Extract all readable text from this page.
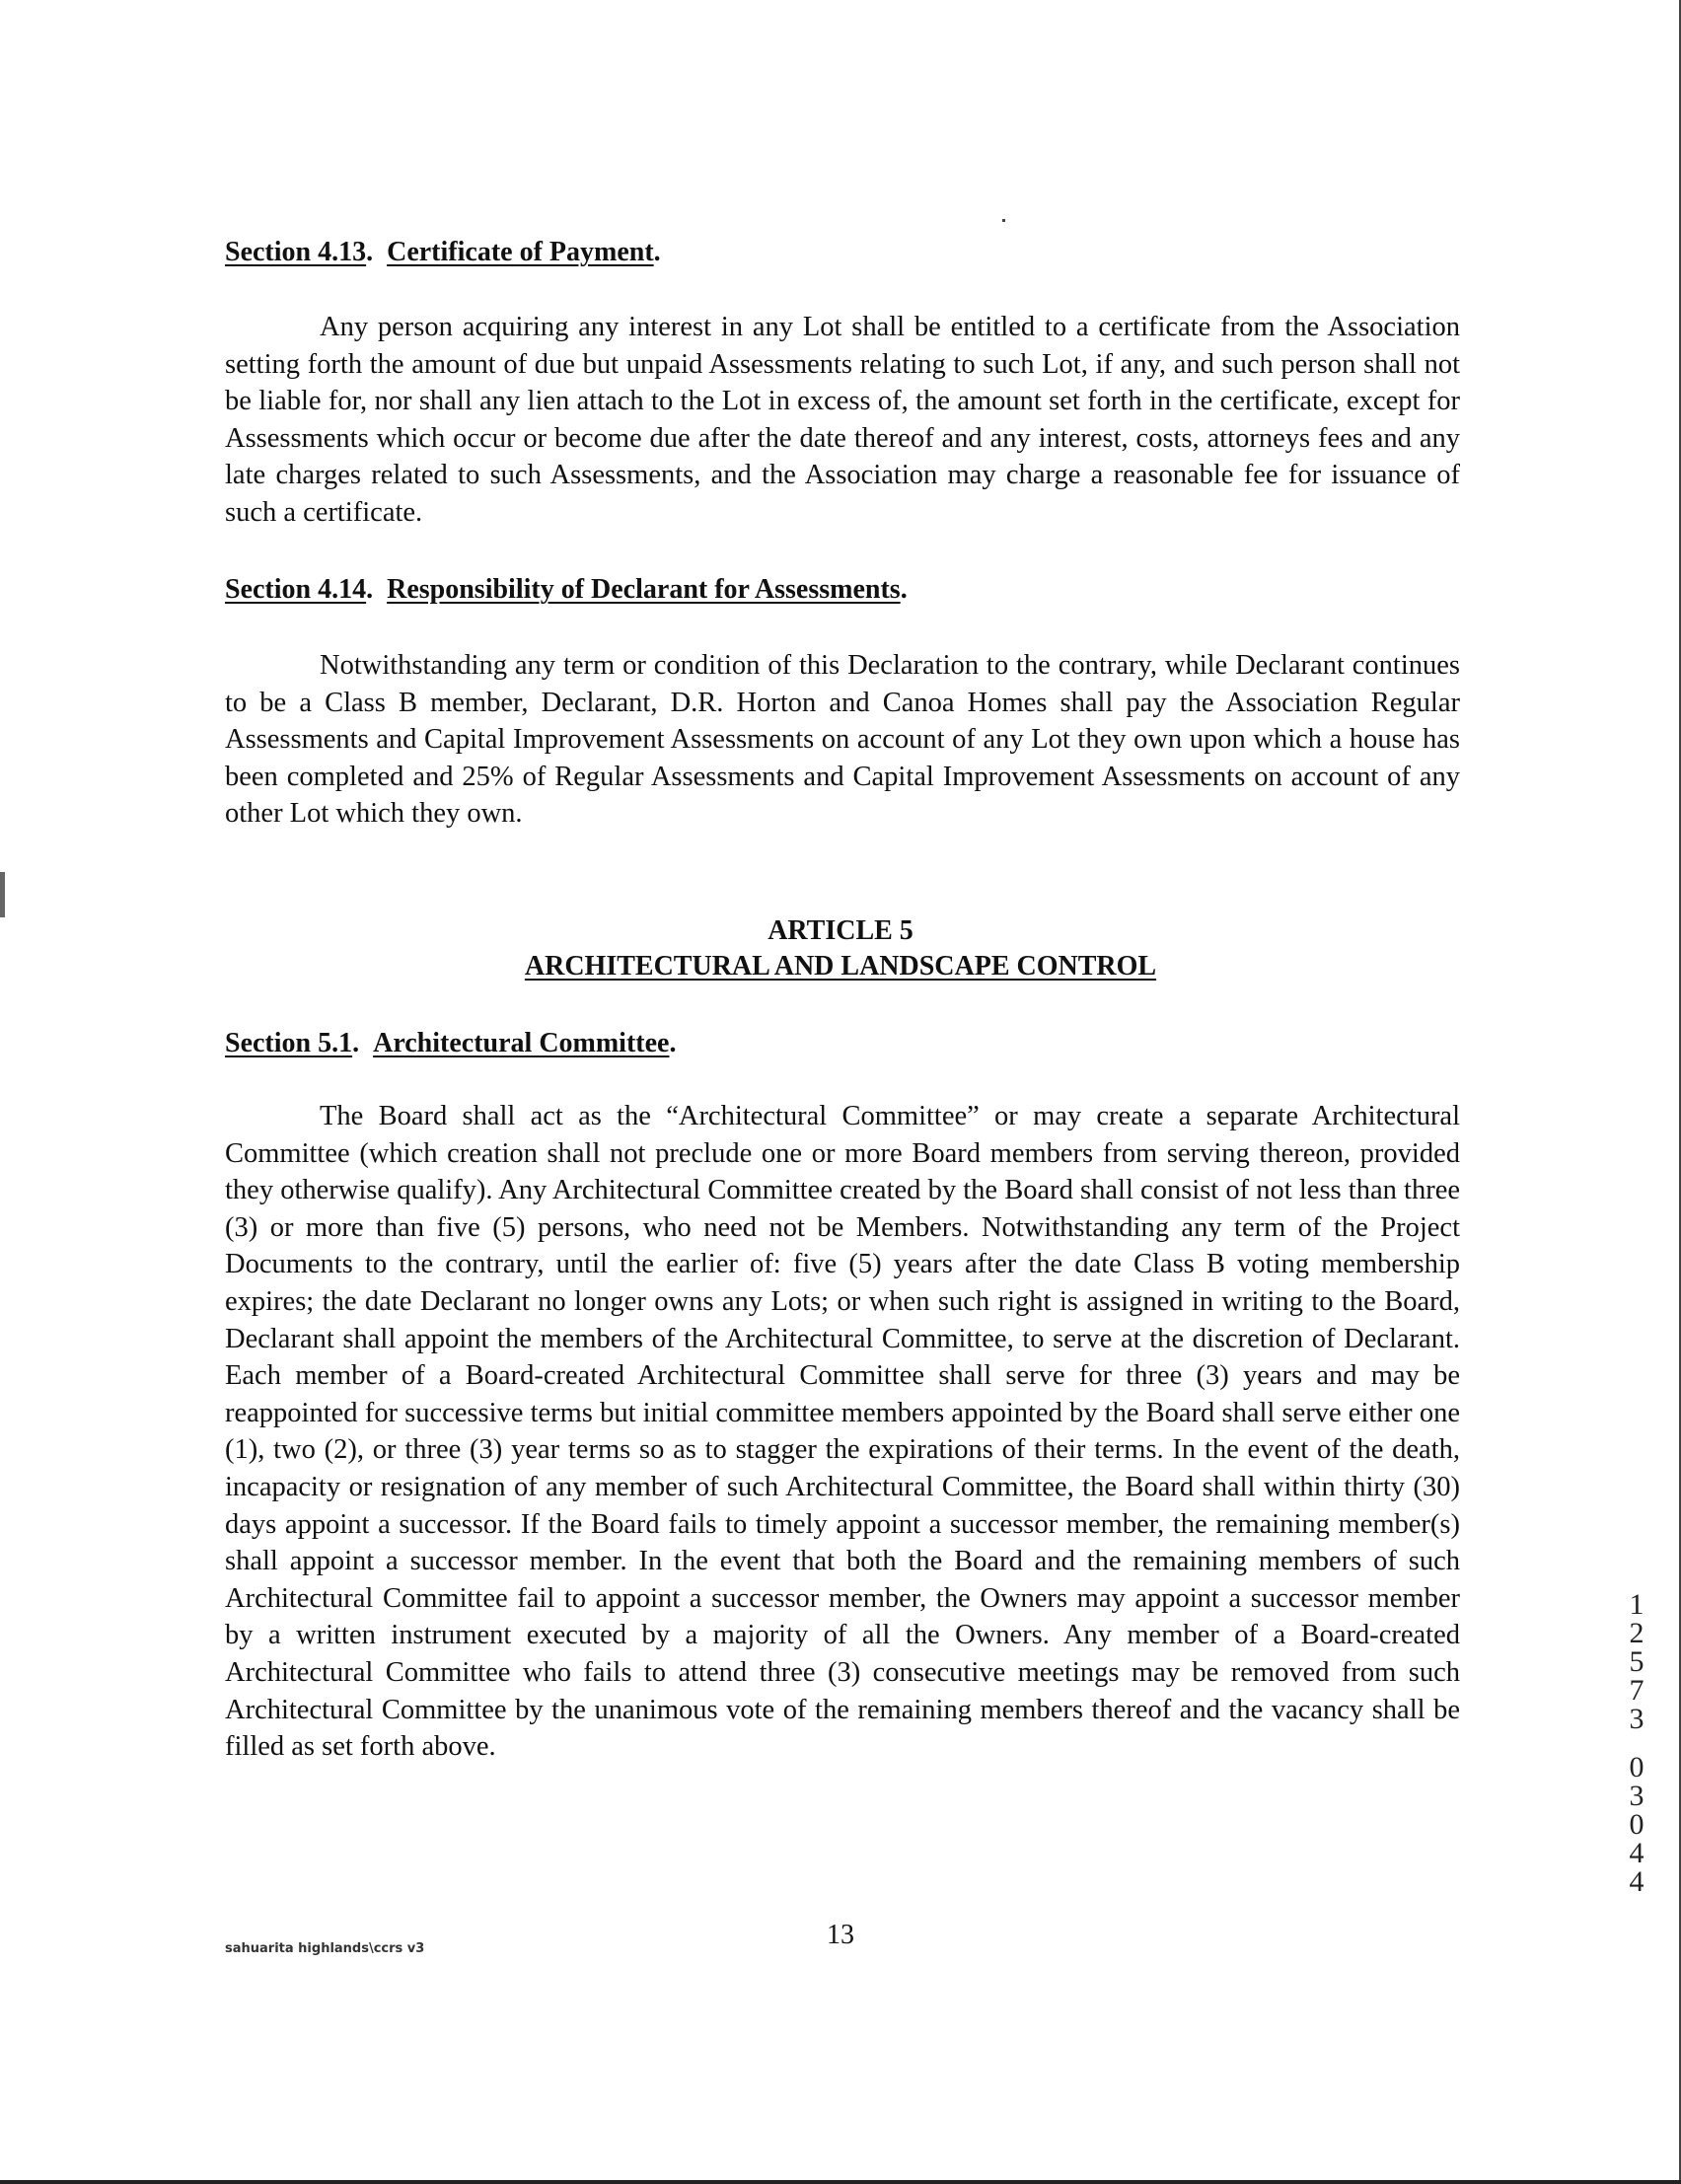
Section 4.13. Certificate of Payment.

Any person acquiring any interest in any Lot shall be entitled to a certificate from the Association setting forth the amount of due but unpaid Assessments relating to such Lot, if any, and such person shall not be liable for, nor shall any lien attach to the Lot in excess of, the amount set forth in the certificate, except for Assessments which occur or become due after the date thereof and any interest, costs, attorneys fees and any late charges related to such Assessments, and the Association may charge a reasonable fee for issuance of such a certificate.

Section 4.14. Responsibility of Declarant for Assessments.

Notwithstanding any term or condition of this Declaration to the contrary, while Declarant continues to be a Class B member, Declarant, D.R. Horton and Canoa Homes shall pay the Association Regular Assessments and Capital Improvement Assessments on account of any Lot they own upon which a house has been completed and 25% of Regular Assessments and Capital Improvement Assessments on account of any other Lot which they own.

ARTICLE 5
ARCHITECTURAL AND LANDSCAPE CONTROL
Section 5.1. Architectural Committee.

The Board shall act as the “Architectural Committee” or may create a separate Architectural Committee (which creation shall not preclude one or more Board members from serving thereon, provided they otherwise qualify). Any Architectural Committee created by the Board shall consist of not less than three (3) or more than five (5) persons, who need not be Members. Notwithstanding any term of the Project Documents to the contrary, until the earlier of: five (5) years after the date Class B voting membership expires; the date Declarant no longer owns any Lots; or when such right is assigned in writing to the Board, Declarant shall appoint the members of the Architectural Committee, to serve at the discretion of Declarant. Each member of a Board-created Architectural Committee shall serve for three (3) years and may be reappointed for successive terms but initial committee members appointed by the Board shall serve either one (1), two (2), or three (3) year terms so as to stagger the expirations of their terms. In the event of the death, incapacity or resignation of any member of such Architectural Committee, the Board shall within thirty (30) days appoint a successor. If the Board fails to timely appoint a successor member, the remaining member(s) shall appoint a successor member. In the event that both the Board and the remaining members of such Architectural Committee fail to appoint a successor member, the Owners may appoint a successor member by a written instrument executed by a majority of all the Owners. Any member of a Board-created Architectural Committee who fails to attend three (3) consecutive meetings may be removed from such Architectural Committee by the unanimous vote of the remaining members thereof and the vacancy shall be filled as set forth above.

1
2
5
7
3
0
3
0
4
4
sahuarita highlands\ccrs v3	13
